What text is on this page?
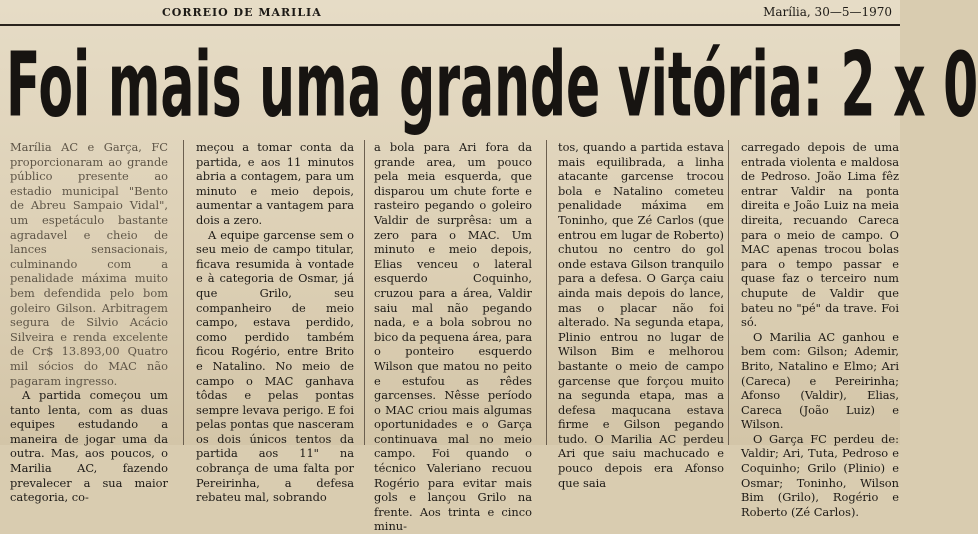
CORREIO DE MARILIA	Marília, 30—5—1970
Foi mais uma grande vitória: 2 x 0

Marília AC e Garça, FC proporcionaram ao grande público presente ao estadio municipal "Bento de Abreu Sampaio Vidal", um espetáculo bastante agradavel e cheio de lances sensacionais, culminando com a penalidade máxima muito bem defendida pelo bom goleiro Gilson. Arbitragem segura de Silvio Acácio Silveira e renda excelente de Cr$ 13.893,00 Quatro mil sócios do MAC não pagaram ingresso.

A partida começou um tanto lenta, com as duas equipes estudando a maneira de jogar uma da outra. Mas, aos poucos, o Marilia AC, fazendo prevalecer a sua maior categoria, co-

meçou a tomar conta da partida, e aos 11 minutos abria a contagem, para um minuto e meio depois, aumentar a vantagem para dois a zero.

A equipe garcense sem o seu meio de campo titular, ficava resumida à vontade e à categoria de Osmar, já que Grilo, seu companheiro de meio campo, estava perdido, como perdido também ficou Rogério, entre Brito e Natalino. No meio de campo o MAC ganhava tôdas e pelas pontas sempre levava perigo. E foi pelas pontas que nasceram os dois únicos tentos da partida aos 11" na cobrança de uma falta por Pereirinha, a defesa rebateu mal, sobrando

a bola para Ari fora da grande area, um pouco pela meia esquerda, que disparou um chute forte e rasteiro pegando o goleiro Valdir de surprêsa: um a zero para o MAC. Um minuto e meio depois, Elias venceu o lateral esquerdo Coquinho, cruzou para a área, Valdir saiu mal não pegando nada, e a bola sobrou no bico da pequena área, para o ponteiro esquerdo Wilson que matou no peito e estufou as rêdes garcenses. Nêsse período o MAC criou mais algumas oportunidades e o Garça continuava mal no meio campo. Foi quando o técnico Valeriano recuou Rogério para evitar mais gols e lançou Grilo na frente. Aos trinta e cinco minu-

tos, quando a partida estava mais equilibrada, a linha atacante garcense trocou bola e Natalino cometeu penalidade máxima em Toninho, que Zé Carlos (que entrou em lugar de Roberto) chutou no centro do gol onde estava Gilson tranquilo para a defesa. O Garça caiu ainda mais depois do lance, mas o placar não foi alterado. Na segunda etapa, Plinio entrou no lugar de Wilson Bim e melhorou bastante o meio de campo garcense que forçou muito na segunda etapa, mas a defesa maqucana estava firme e Gilson pegando tudo. O Marilia AC perdeu Ari que saiu machucado e pouco depois era Afonso que saia

carregado depois de uma entrada violenta e maldosa de Pedroso. João Lima fêz entrar Valdir na ponta direita e João Luiz na meia direita, recuando Careca para o meio de campo. O MAC apenas trocou bolas para o tempo passar e quase faz o terceiro num chupute de Valdir que bateu no "pé" da trave. Foi só.

O Marilia AC ganhou e bem com: Gilson; Ademir, Brito, Natalino e Elmo; Ari (Careca) e Pereirinha; Afonso (Valdir), Elias, Careca (João Luiz) e Wilson.

O Garça FC perdeu de: Valdir; Ari, Tuta, Pedroso e Coquinho; Grilo (Plinio) e Osmar; Toninho, Wilson Bim (Grilo), Rogério e Roberto (Zé Carlos).
